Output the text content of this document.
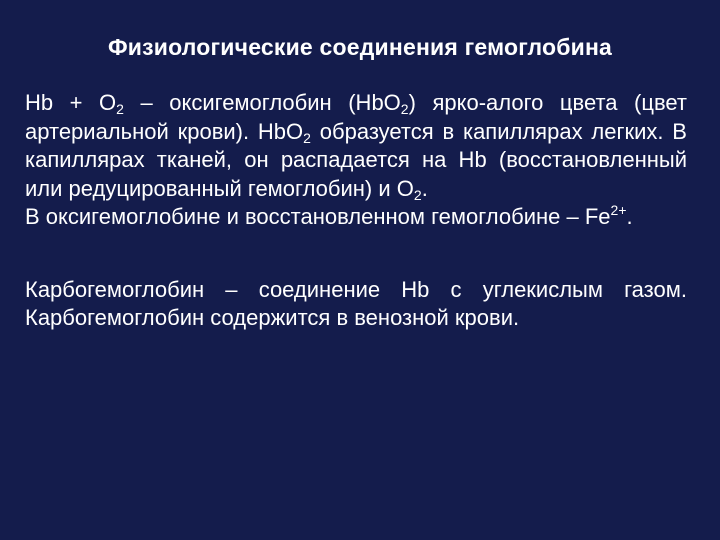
Физиологические соединения гемоглобина

$Hb + O_2$ – оксигемоглобин (HbO$_2$) ярко-алого цвета (цвет артериальной крови). HbO$_2$ образуется в капиллярах легких. В капиллярах тканей, он распадается на Hb (восстановленный или редуцированный гемоглобин) и $O_2$.

В оксигемоглобине и восстановленном гемоглобине – $Fe^{2+}$.

Карбогемоглобин – соединение Hb с углекислым газом. Карбогемоглобин содержится в венозной крови.
